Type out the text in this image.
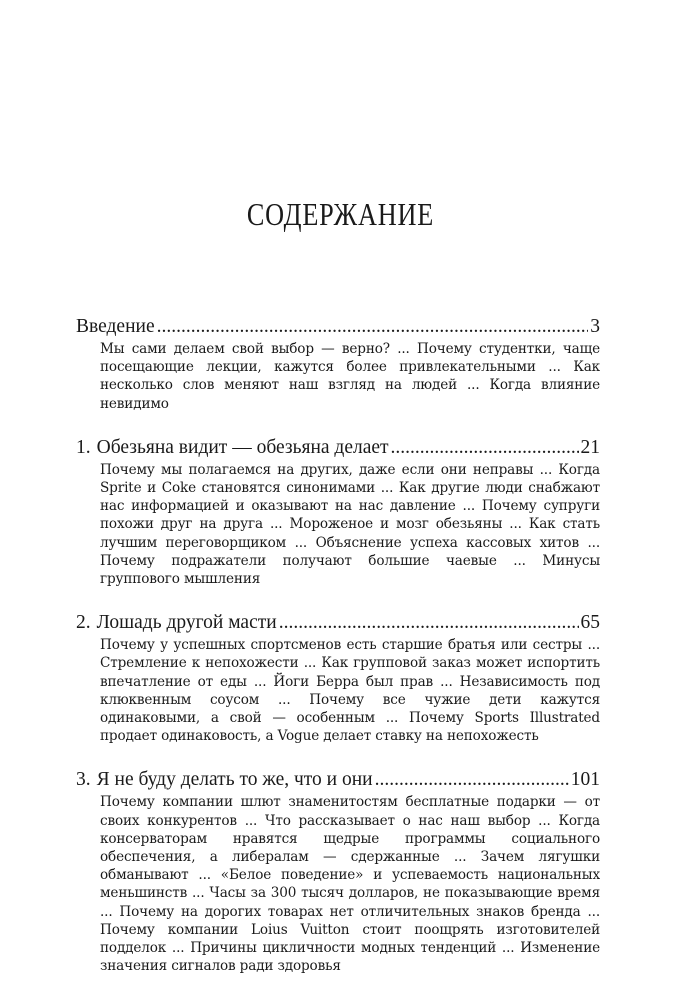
СОДЕРЖАНИЕ
Введение .....	3
Мы сами делаем свой выбор — верно? ... Почему студентки, чаще посещающие лекции, кажутся более привлекательными ... Как несколько слов меняют наш взгляд на людей ... Когда влияние невидимо
1. Обезьяна видит — обезьяна делает .....	21
Почему мы полагаемся на других, даже если они неправы ... Когда Sprite и Coke становятся синонимами ... Как другие люди снабжают нас информацией и оказывают на нас давление ... Почему супруги похожи друг на друга ... Мороженое и мозг обезьяны ... Как стать лучшим переговорщиком ... Объяснение успеха кассовых хитов ... Почему подражатели получают большие чаевые ... Минусы группового мышления
2. Лошадь другой масти .....	65
Почему у успешных спортсменов есть старшие братья или сестры ... Стремление к непохожести ... Как групповой заказ может испортить впечатление от еды ... Йоги Берра был прав ... Независимость под клюквенным соусом ... Почему все чужие дети кажутся одинаковыми, а свой — особенным ... Почему Sports Illustrated продает одинаковость, а Vogue делает ставку на непохожесть
3. Я не буду делать то же, что и они .....	101
Почему компании шлют знаменитостям бесплатные подарки — от своих конкурентов ... Что рассказывает о нас наш выбор ... Когда консерваторам нравятся щедрые программы социального обеспечения, а либералам — сдержанные ... Зачем лягушки обманывают ... «Белое поведение» и успеваемость национальных меньшинств ... Часы за 300 тысяч долларов, не показывающие время ... Почему на дорогих товарах нет отличительных знаков бренда ... Почему компании Loius Vuitton стоит поощрять изготовителей подделок ... Причины цикличности модных тенденций ... Изменение значения сигналов ради здоровья
